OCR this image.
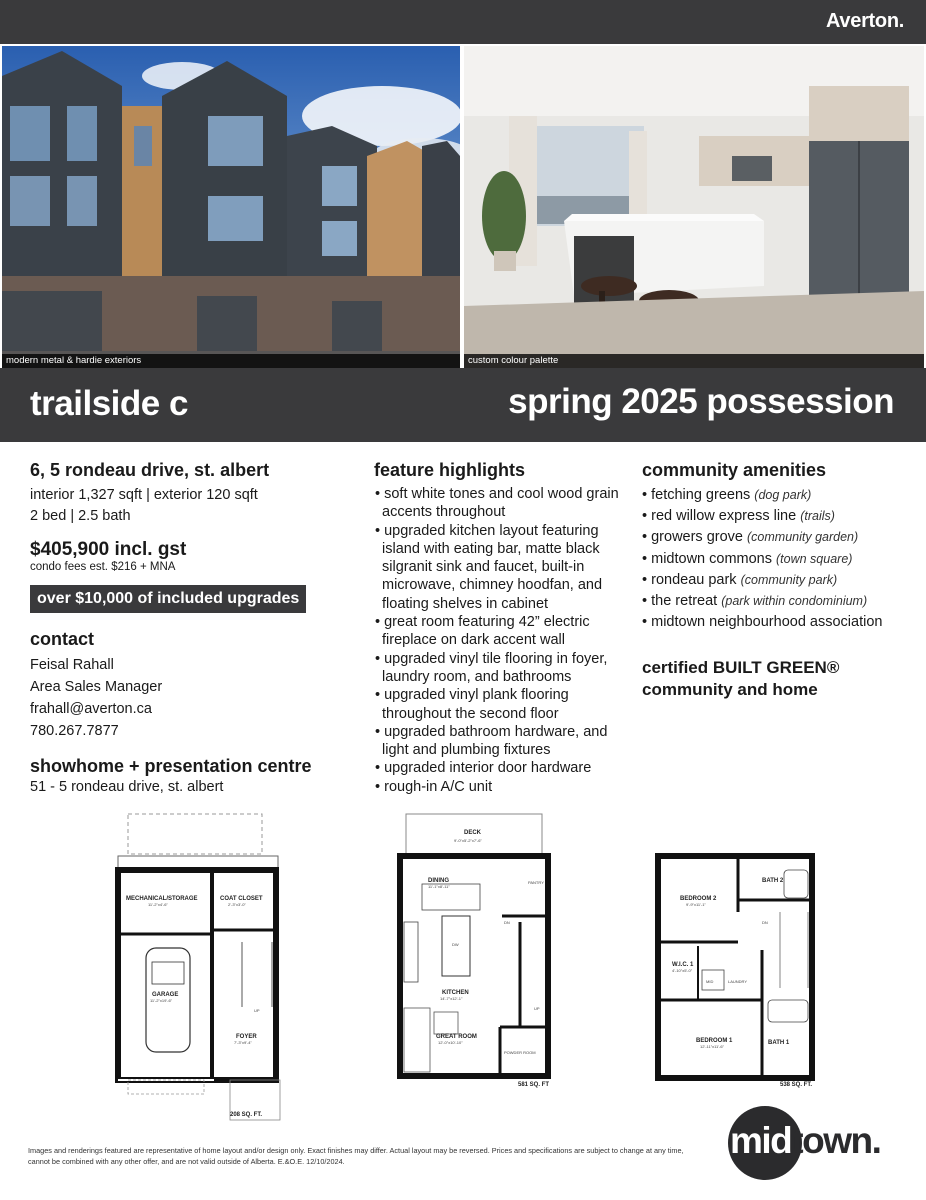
Averton.
modern metal & hardie exteriors	custom colour palette
trailside c	spring 2025 possession
6, 5 rondeau drive, st. albert
interior 1,327 sqft | exterior 120 sqft
2 bed | 2.5 bath
$405,900 incl. gst
condo fees est. $216 + MNA
over $10,000 of included upgrades
contact
Feisal Rahall
Area Sales Manager
frahall@averton.ca
780.267.7877
showhome + presentation centre
51 - 5 rondeau drive, st. albert
feature highlights
• soft white tones and cool wood grain accents throughout
• upgraded kitchen layout featuring island with eating bar, matte black silgranit sink and faucet, built-in microwave, chimney hoodfan, and floating shelves in cabinet
• great room featuring 42” electric fireplace on dark accent wall
• upgraded vinyl tile flooring in foyer, laundry room, and bathrooms
• upgraded vinyl plank flooring throughout the second floor
• upgraded bathroom hardware, and light and plumbing fixtures
• upgraded interior door hardware
• rough-in A/C unit
community amenities
• fetching greens (dog park)
• red willow express line (trails)
• growers grove (community garden)
• midtown commons (town square)
• rondeau park (community park)
• the retreat (park within condominium)
• midtown neighbourhood association
certified BUILT GREEN®
community and home
MECHANICAL/STORAGE
11'-2"x4'-6"
COAT CLOSET
2'-3"x3'-0"
GARAGE
11'-2"x19'-6"
FOYER
7'-3"x9'-4"
UP
208 SQ. FT.
DECK
9'-0"x5'-2"x7'-6"
DINING
11'-1"x8'-11"
KITCHEN
14'-7"x12'-1"
GREAT ROOM
12'-0"x10'-10"
POWDER ROOM
PANTRY
DW
UP
DN
581 SQ. FT
BEDROOM 2
9'-9"x11'-1"
BATH 2
W.I.C. 1
4'-10"x5'-0"
MID	LAUNDRY
BEDROOM 1
12'-11"x11'-6"
BATH 1
DN
538 SQ. FT.
Images and renderings featured are representative of home layout and/or design only. Exact finishes may differ. Actual layout may be reversed. Prices and specifications are subject to change at any time, cannot be combined with any other offer, and are not valid outside of Alberta. E.&O.E. 12/10/2024.	midtown.
